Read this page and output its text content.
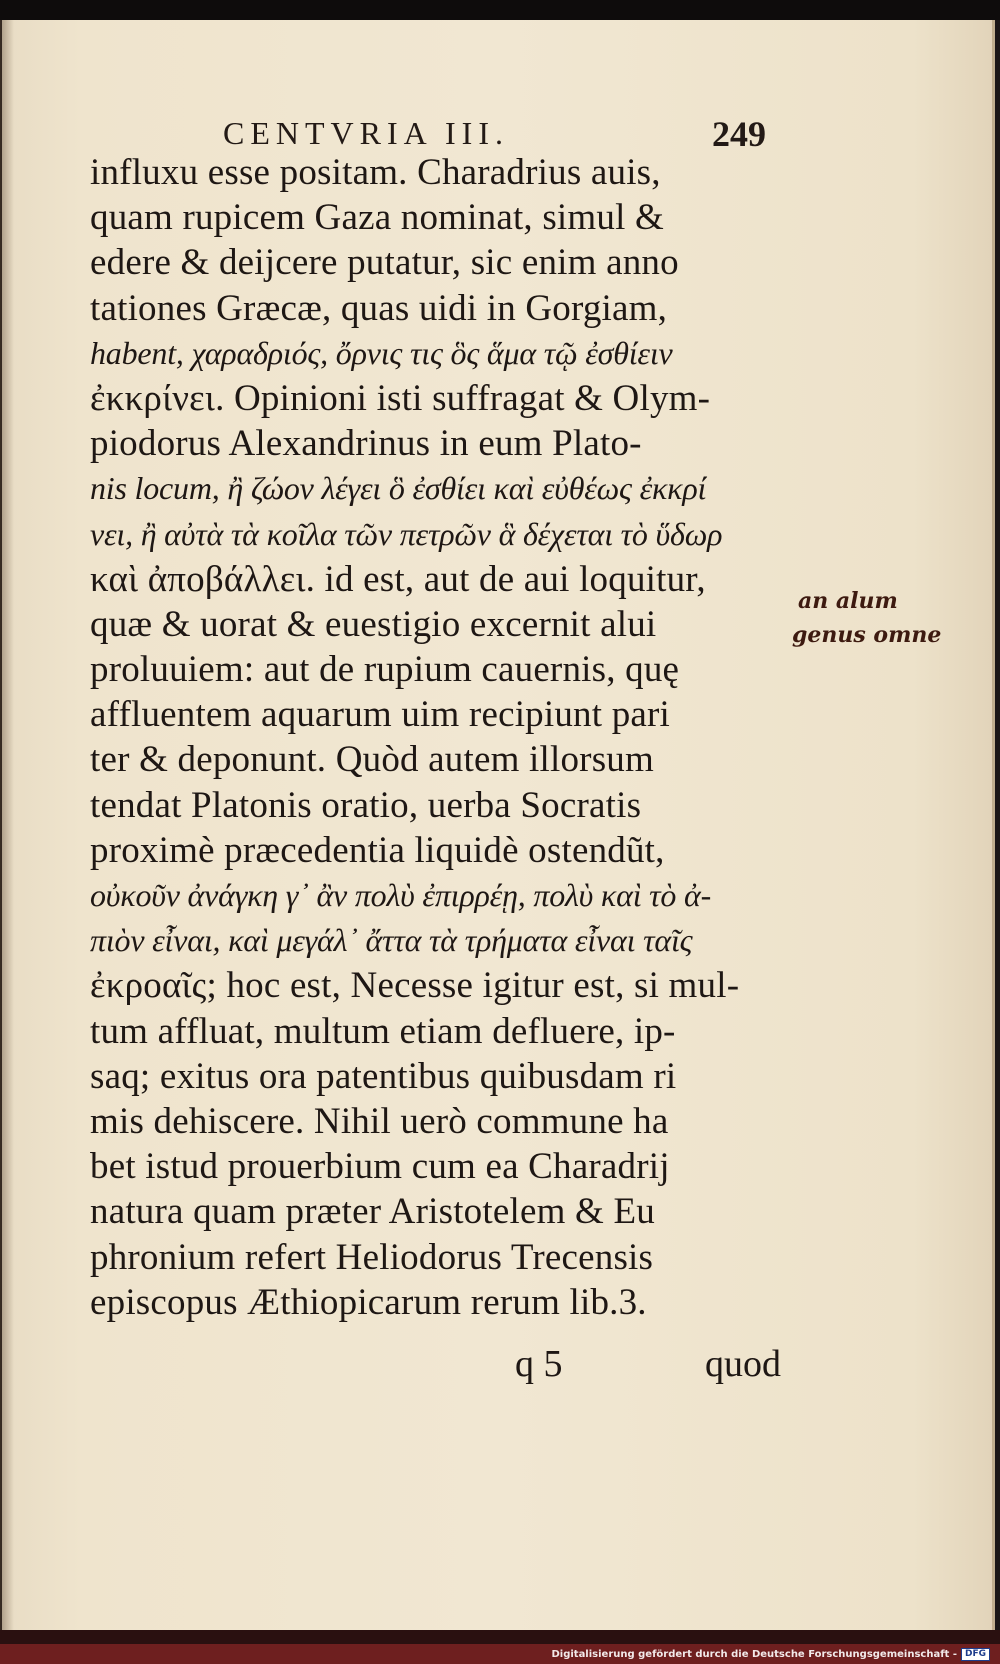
CENTVRIA III.	249
influxu esse positam. Charadrius auis,
quam rupicem Gaza nominat, simul &
edere & deijcere putatur, sic enim anno
tationes Græcæ, quas uidi in Gorgiam,
habent, χαραδριός, ὄρνις τις ὃς ἅμα τῷ ἐσθίειν
ἐκκρίνει. Opinioni isti suffragat & Olym-
piodorus Alexandrinus in eum Plato-
nis locum, ἢ ζώον λέγει ὃ ἐσθίει καὶ εὐθέως ἐκκρί
νει, ἢ αὐτὰ τὰ κοῖλα τῶν πετρῶν ἃ δέχεται τὸ ὕδωρ
καὶ ἀποβάλλει. id est, aut de aui loquitur,
quæ & uorat & euestigio excernit alui
proluuiem: aut de rupium cauernis, quę
affluentem aquarum uim recipiunt pari
ter & deponunt. Quòd autem illorsum
tendat Platonis oratio, uerba Socratis
proximè præcedentia liquidè ostendũt,
οὐκοῦν ἀνάγκη γ᾽ ἂν πολὺ ἐπιρρέῃ, πολὺ καὶ τὸ ἀ-
πιὸν εἶναι, καὶ μεγάλ᾽ ἄττα τὰ τρήματα εἶναι ταῖς
ἐκροαῖς; hoc est, Necesse igitur est, si mul-
tum affluat, multum etiam defluere, ip-
saq; exitus ora patentibus quibusdam ri
mis dehiscere. Nihil uerò commune ha
bet istud prouerbium cum ea Charadrij
natura quam præter Aristotelem & Eu
phronium refert Heliodorus Trecensis
episcopus Æthiopicarum rerum lib.3.
q 5	quod
an alum
genus omne
Digitalisierung gefördert durch die Deutsche Forschungsgemeinschaft - DFG
